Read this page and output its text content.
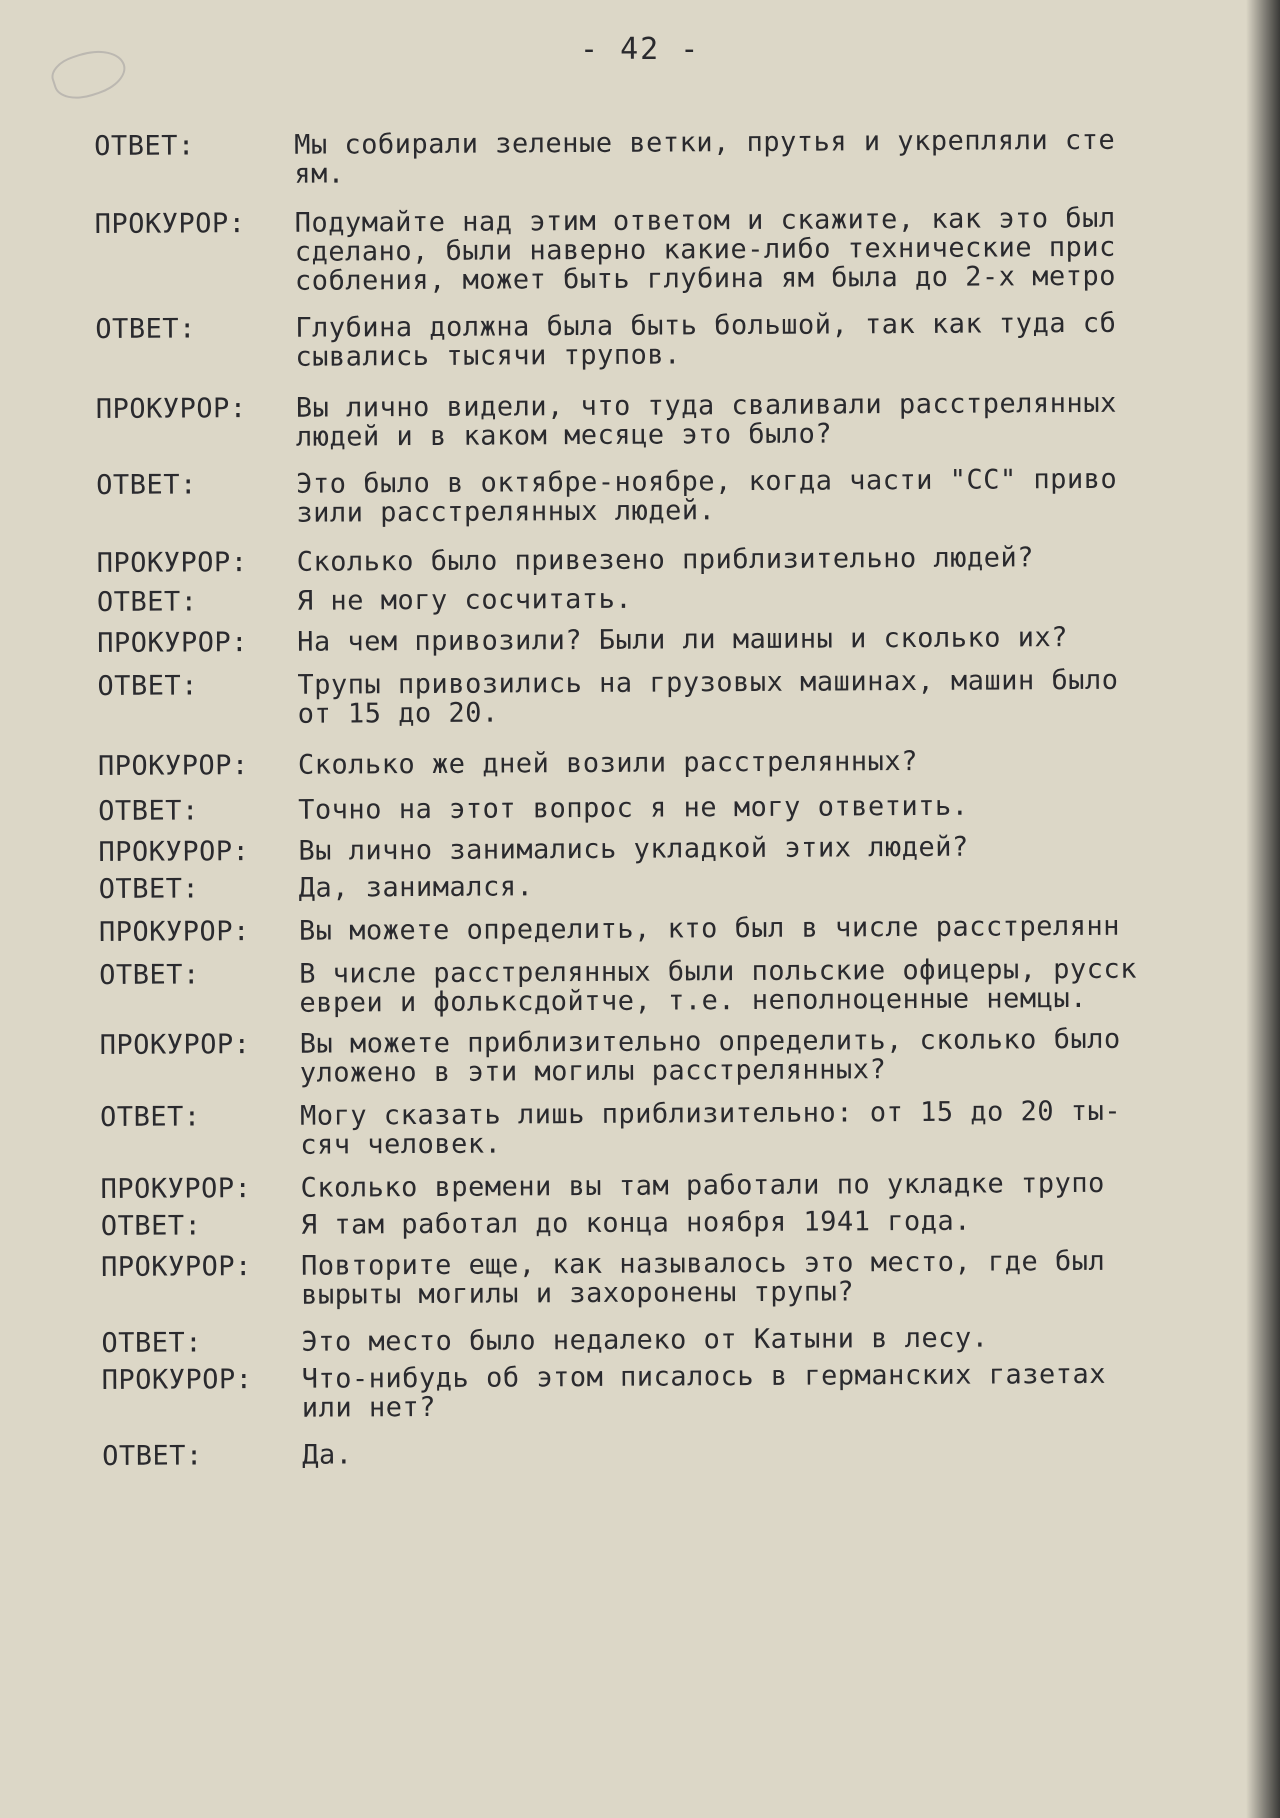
- 42 -
ОТВЕТ:	Мы собирали зеленые ветки, прутья и укрепляли сте
ям.
ПРОКУРОР:	Подумайте над этим ответом и скажите, как это был
сделано, были наверно какие-либо технические прис
собления, может быть глубина ям была до 2-х метро
ОТВЕТ:	Глубина должна была быть большой, так как туда сб
сывались тысячи трупов.
ПРОКУРОР:	Вы лично видели, что туда сваливали расстрелянных
людей и в каком месяце это было?
ОТВЕТ:	Это было в октябре-ноябре, когда части "СС" приво
зили расстрелянных людей.
ПРОКУРОР:	Сколько было привезено приблизительно людей?
ОТВЕТ:	Я не могу сосчитать.
ПРОКУРОР:	На чем привозили? Были ли машины и сколько их?
ОТВЕТ:	Трупы привозились на грузовых машинах, машин было
от 15 до 20.
ПРОКУРОР:	Сколько же дней возили расстрелянных?
ОТВЕТ:	Точно на этот вопрос я не могу ответить.
ПРОКУРОР:	Вы лично занимались укладкой этих людей?
ОТВЕТ:	Да, занимался.
ПРОКУРОР:	Вы можете определить, кто был в числе расстрелянн
ОТВЕТ:	В числе расстрелянных были польские офицеры, русск
евреи и фольксдойтче, т.е. неполноценные немцы.
ПРОКУРОР:	Вы можете приблизительно определить, сколько было
уложено в эти могилы расстрелянных?
ОТВЕТ:	Могу сказать лишь приблизительно: от 15 до 20 ты-
сяч человек.
ПРОКУРОР:	Сколько времени вы там работали по укладке трупо
ОТВЕТ:	Я там работал до конца ноября 1941 года.
ПРОКУРОР:	Повторите еще, как называлось это место, где был
вырыты могилы и захоронены трупы?
ОТВЕТ:	Это место было недалеко от Катыни в лесу.
ПРОКУРОР:	Что-нибудь об этом писалось в германских газетах
или нет?
ОТВЕТ:	Да.
